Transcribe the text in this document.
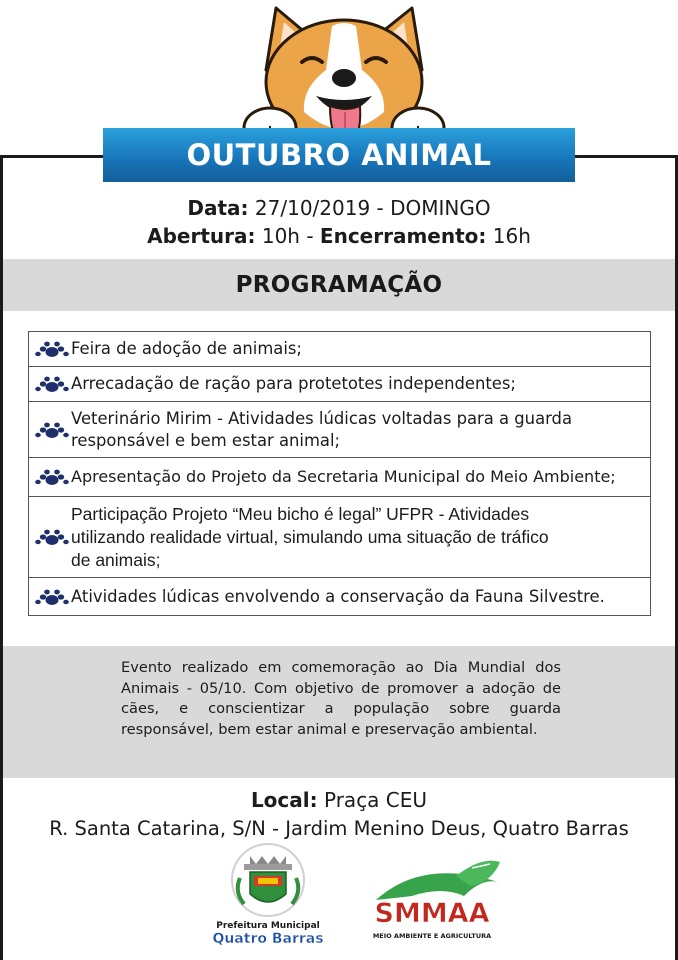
OUTUBRO ANIMAL
Data: 27/10/2019 - DOMINGO
Abertura: 10h - Encerramento: 16h
PROGRAMAÇÃO
Feira de adoção de animais;
Arrecadação de ração para protetotes independentes;
Veterinário Mirim - Atividades lúdicas voltadas para a guarda responsável e bem estar animal;
Apresentação do Projeto da Secretaria Municipal do Meio Ambiente;
Participação Projeto “Meu bicho é legal” UFPR - Atividades utilizando realidade virtual, simulando uma situação de tráfico de animais;
Atividades lúdicas envolvendo a conservação da Fauna Silvestre.

Evento realizado em comemoração ao Dia Mundial dos Animais - 05/10. Com objetivo de promover a adoção de cães, e conscientizar a população sobre guarda responsável, bem estar animal e preservação ambiental.

Local: Praça CEU
R. Santa Catarina, S/N - Jardim Menino Deus, Quatro Barras
Prefeitura Municipal
Quatro Barras
SMMAA
MEIO AMBIENTE E AGRICULTURA
